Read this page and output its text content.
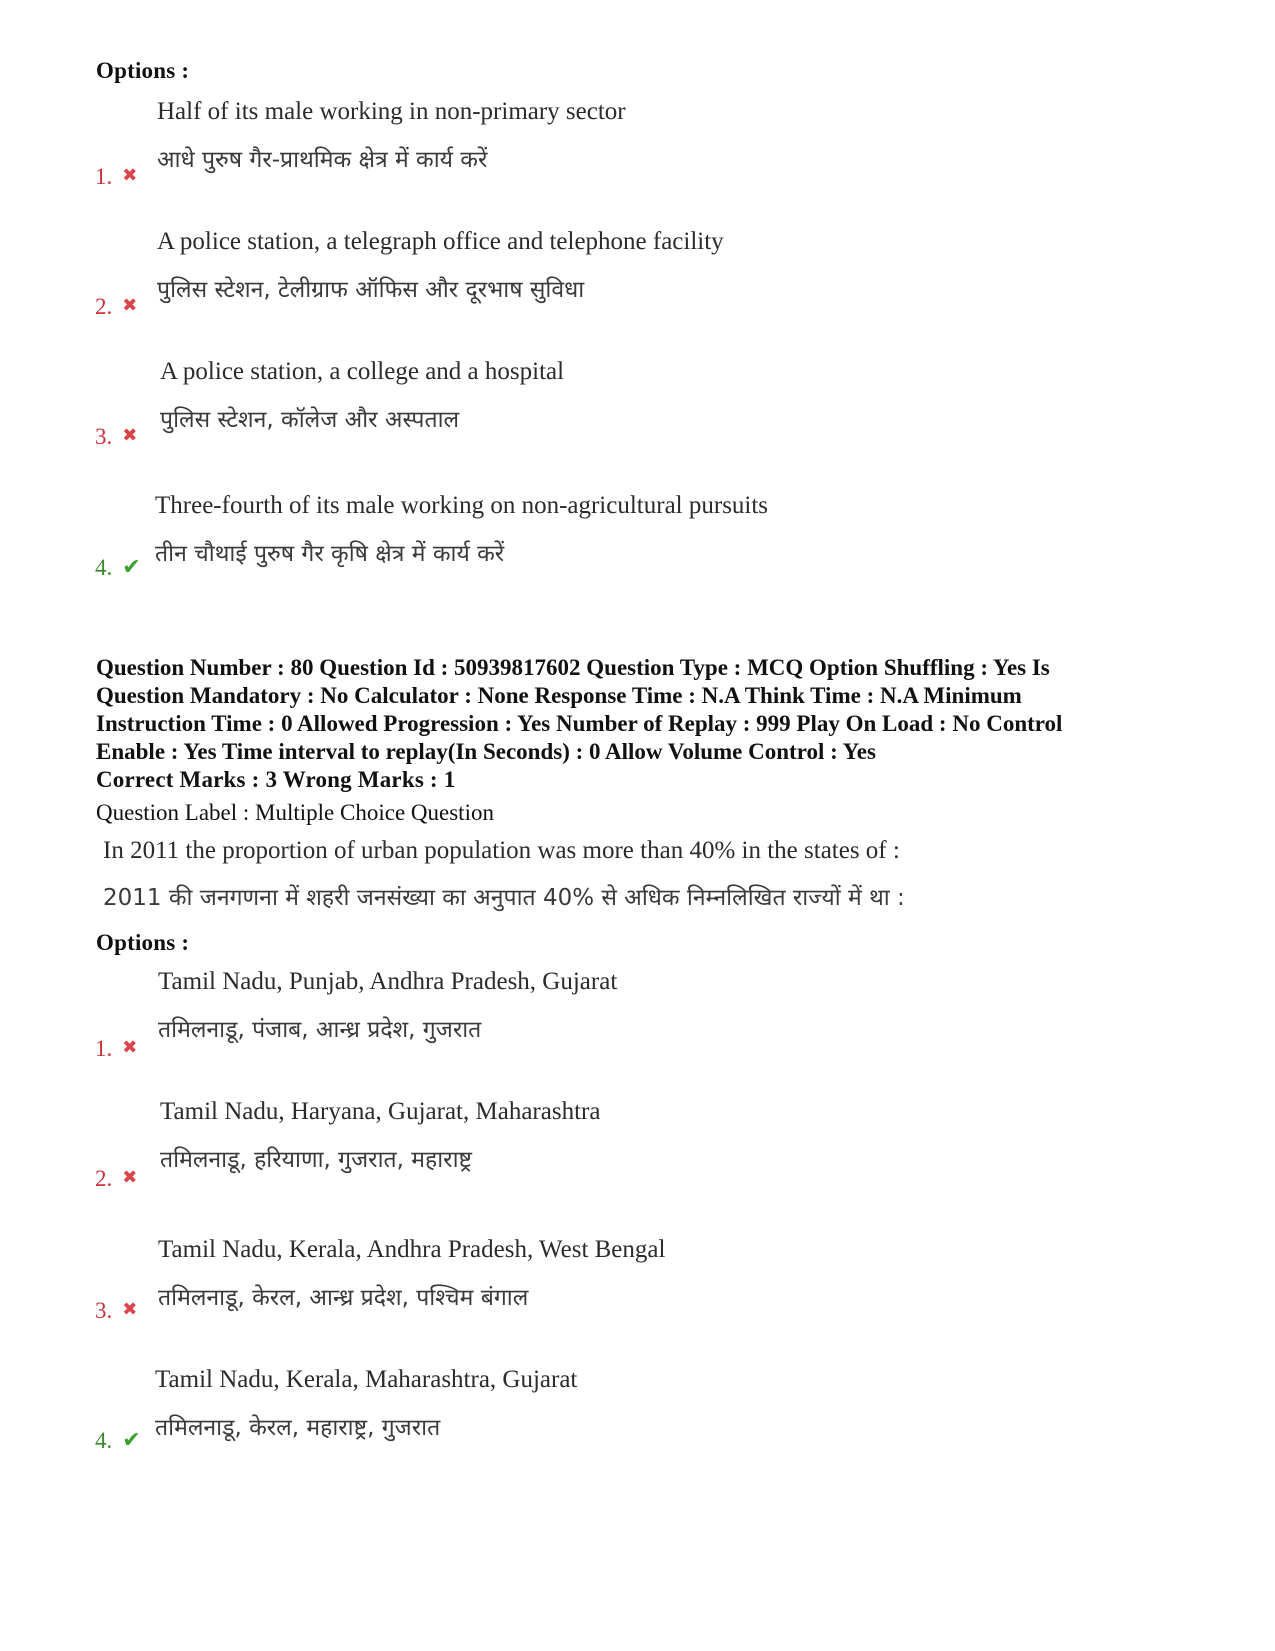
Options :
Half of its male working in non-primary sector
आधे पुरुष गैर-प्राथमिक क्षेत्र में कार्य करें
1. ✖
A police station, a telegraph office and telephone facility
पुलिस स्टेशन, टेलीग्राफ ऑफिस और दूरभाष सुविधा
2. ✖
A police station, a college and a hospital
पुलिस स्टेशन, कॉलेज और अस्पताल
3. ✖
Three-fourth of its male working on non-agricultural pursuits
तीन चौथाई पुरुष गैर कृषि क्षेत्र में कार्य करें
4. ✔
Question Number : 80 Question Id : 50939817602 Question Type : MCQ Option Shuffling : Yes Is
Question Mandatory : No Calculator : None Response Time : N.A Think Time : N.A Minimum
Instruction Time : 0 Allowed Progression : Yes Number of Replay : 999 Play On Load : No Control
Enable : Yes Time interval to replay(In Seconds) : 0 Allow Volume Control : Yes
Correct Marks : 3 Wrong Marks : 1
Question Label : Multiple Choice Question
In 2011 the proportion of urban population was more than 40% in the states of :
2011 की जनगणना में शहरी जनसंख्या का अनुपात 40% से अधिक निम्नलिखित राज्यों में था :
Options :
Tamil Nadu, Punjab, Andhra Pradesh, Gujarat
तमिलनाडू, पंजाब, आन्ध्र प्रदेश, गुजरात
1. ✖
Tamil Nadu, Haryana, Gujarat, Maharashtra
तमिलनाडू, हरियाणा, गुजरात, महाराष्ट्र
2. ✖
Tamil Nadu, Kerala, Andhra Pradesh, West Bengal
तमिलनाडू, केरल, आन्ध्र प्रदेश, पश्चिम बंगाल
3. ✖
Tamil Nadu, Kerala, Maharashtra, Gujarat
तमिलनाडू, केरल, महाराष्ट्र, गुजरात
4. ✔
